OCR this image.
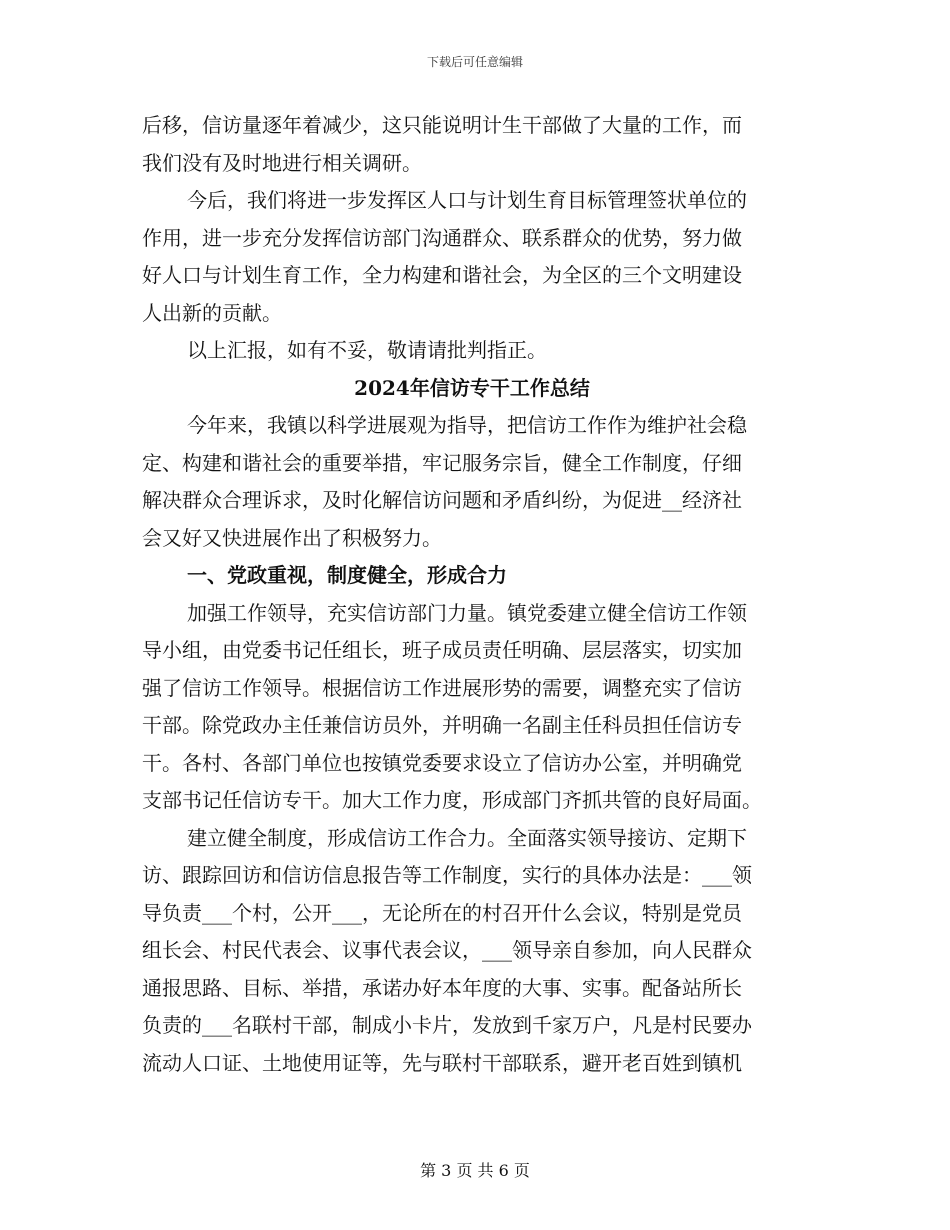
下载后可任意编辑
后移，信访量逐年着减少，这只能说明计生干部做了大量的工作，而
我们没有及时地进行相关调研。
今后，我们将进一步发挥区人口与计划生育目标管理签状单位的
作用，进一步充分发挥信访部门沟通群众、联系群众的优势，努力做
好人口与计划生育工作，全力构建和谐社会，为全区的三个文明建设
人出新的贡献。
以上汇报，如有不妥，敬请请批判指正。
2024年信访专干工作总结
今年来，我镇以科学进展观为指导，把信访工作作为维护社会稳
定、构建和谐社会的重要举措，牢记服务宗旨，健全工作制度，仔细
解决群众合理诉求，及时化解信访问题和矛盾纠纷，为促进__经济社
会又好又快进展作出了积极努力。
一、党政重视，制度健全，形成合力
加强工作领导，充实信访部门力量。镇党委建立健全信访工作领
导小组，由党委书记任组长，班子成员责任明确、层层落实，切实加
强了信访工作领导。根据信访工作进展形势的需要，调整充实了信访
干部。除党政办主任兼信访员外，并明确一名副主任科员担任信访专
干。各村、各部门单位也按镇党委要求设立了信访办公室，并明确党
支部书记任信访专干。加大工作力度，形成部门齐抓共管的良好局面。
建立健全制度，形成信访工作合力。全面落实领导接访、定期下
访、跟踪回访和信访信息报告等工作制度，实行的具体办法是：___领
导负责___个村，公开___，无论所在的村召开什么会议，特别是党员
组长会、村民代表会、议事代表会议，___领导亲自参加，向人民群众
通报思路、目标、举措，承诺办好本年度的大事、实事。配备站所长
负责的___名联村干部，制成小卡片，发放到千家万户，凡是村民要办
流动人口证、土地使用证等，先与联村干部联系，避开老百姓到镇机
第 3 页 共 6 页
